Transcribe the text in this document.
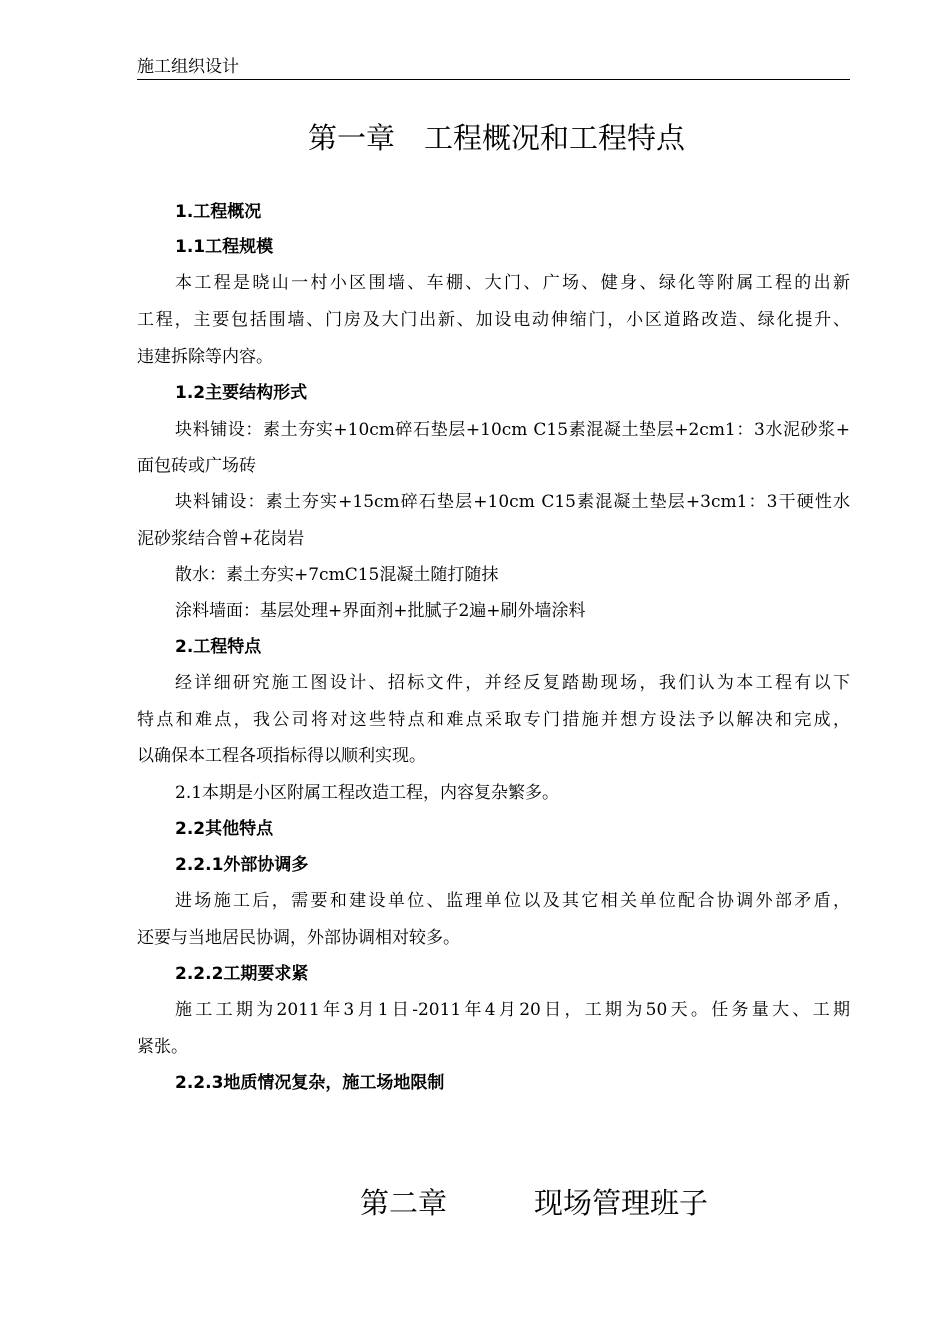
施工组织设计
第一章　工程概况和工程特点
1.工程概况
1.1工程规模
本工程是晓山一村小区围墙、车棚、大门、广场、健身、绿化等附属工程的出新
工程，主要包括围墙、门房及大门出新、加设电动伸缩门，小区道路改造、绿化提升、
违建拆除等内容。
1.2主要结构形式
块料铺设：素土夯实+10cm碎石垫层+10cm C15素混凝土垫层+2cm1：3水泥砂浆+
面包砖或广场砖
块料铺设：素土夯实+15cm碎石垫层+10cm C15素混凝土垫层+3cm1：3干硬性水
泥砂浆结合曾+花岗岩
散水：素土夯实+7cmC15混凝土随打随抹
涂料墙面：基层处理+界面剂+批腻子2遍+刷外墙涂料
2.工程特点
经详细研究施工图设计、招标文件，并经反复踏勘现场，我们认为本工程有以下
特点和难点，我公司将对这些特点和难点采取专门措施并想方设法予以解决和完成，
以确保本工程各项指标得以顺利实现。
2.1本期是小区附属工程改造工程，内容复杂繁多。
2.2其他特点
2.2.1外部协调多
进场施工后，需要和建设单位、监理单位以及其它相关单位配合协调外部矛盾，
还要与当地居民协调，外部协调相对较多。
2.2.2工期要求紧
施工工期为2011年3月1日-2011年4月20日，工期为50天。任务量大、工期
紧张。
2.2.3地质情况复杂，施工场地限制
第二章　　　现场管理班子
